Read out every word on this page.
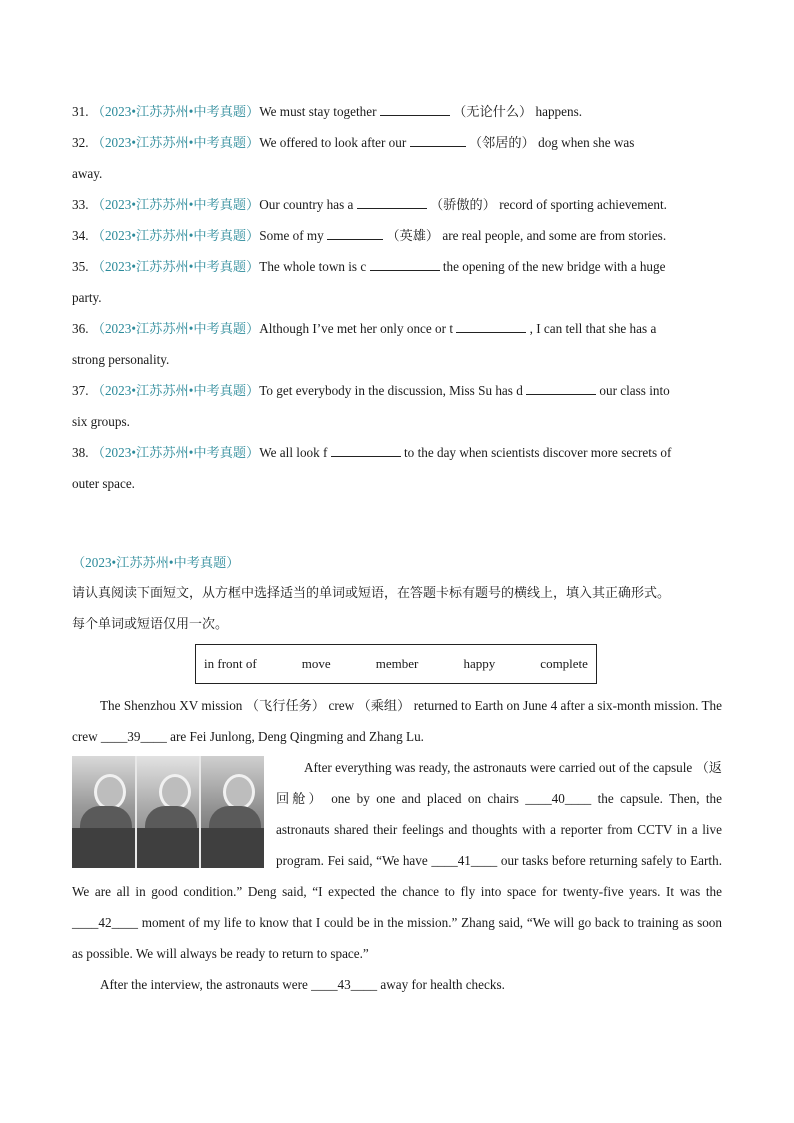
31. （2023•江苏苏州•中考真题）We must stay together	（无论什么） happens.
32. （2023•江苏苏州•中考真题）We offered to look after our	（邻居的） dog when she was
away.
33. （2023•江苏苏州•中考真题）Our country has a	（骄傲的） record of sporting achievement.
34. （2023•江苏苏州•中考真题）Some of my	（英雄） are real people, and some are from stories.
35. （2023•江苏苏州•中考真题）The whole town is c	the opening of the new bridge with a huge
party.
36. （2023•江苏苏州•中考真题）Although I’ve met her only once or t	, I can tell that she has a
strong personality.
37. （2023•江苏苏州•中考真题）To get everybody in the discussion, Miss Su has d	our class into
six groups.
38. （2023•江苏苏州•中考真题）We all look f	to the day when scientists discover more secrets of
outer space.
（2023•江苏苏州•中考真题）
请认真阅读下面短文，从方框中选择适当的单词或短语，在答题卡标有题号的横线上，填入其正确形式。
每个单词或短语仅用一次。
in front of	move	member	happy	complete
The Shenzhou XV mission （飞行任务） crew （乘组） returned to Earth on June 4 after a six-month mission. The crew ____39____ are Fei Junlong, Deng Qingming and Zhang Lu.
After everything was ready, the astronauts were carried out of the capsule （返回舱） one by one and placed on chairs ____40____ the capsule. Then, the astronauts shared their feelings and thoughts with a reporter from CCTV in a live program. Fei said, “We have ____41____ our tasks before returning safely to Earth. We are all in good condition.” Deng said, “I expected the chance to fly into space for twenty-five years. It was the ____42____ moment of my life to know that I could be in the mission.” Zhang said, “We will go back to training as soon as possible. We will always be ready to return to space.”
After the interview, the astronauts were ____43____ away for health checks.
